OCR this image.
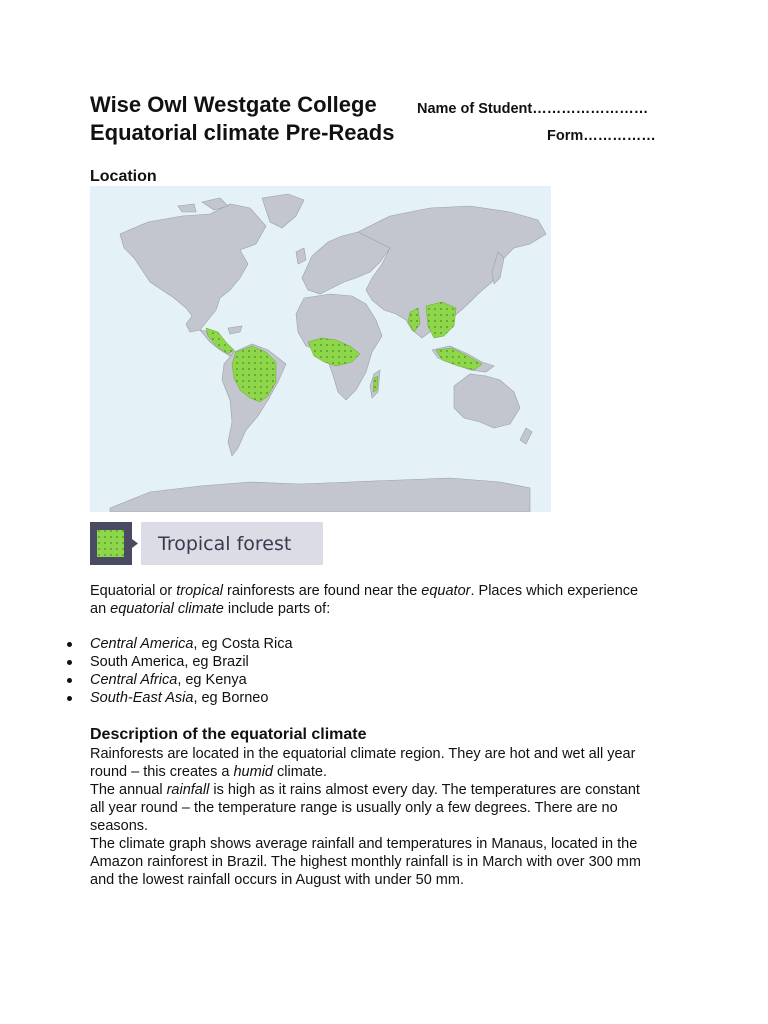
Wise Owl Westgate College
Equatorial climate Pre-Reads
Name of Student……………………
Form……………
Location
Tropical forest
Equatorial or tropical rainforests are found near the equator. Places which experience
an equatorial climate include parts of:
Central America, eg Costa Rica
South America, eg Brazil
Central Africa, eg Kenya
South-East Asia, eg Borneo
Description of the equatorial climate
Rainforests are located in the equatorial climate region. They are hot and wet all year
round – this creates a humid climate.
The annual rainfall is high as it rains almost every day. The temperatures are constant
all year round – the temperature range is usually only a few degrees. There are no
seasons.
The climate graph shows average rainfall and temperatures in Manaus, located in the
Amazon rainforest in Brazil. The highest monthly rainfall is in March with over 300 mm
and the lowest rainfall occurs in August with under 50 mm.
